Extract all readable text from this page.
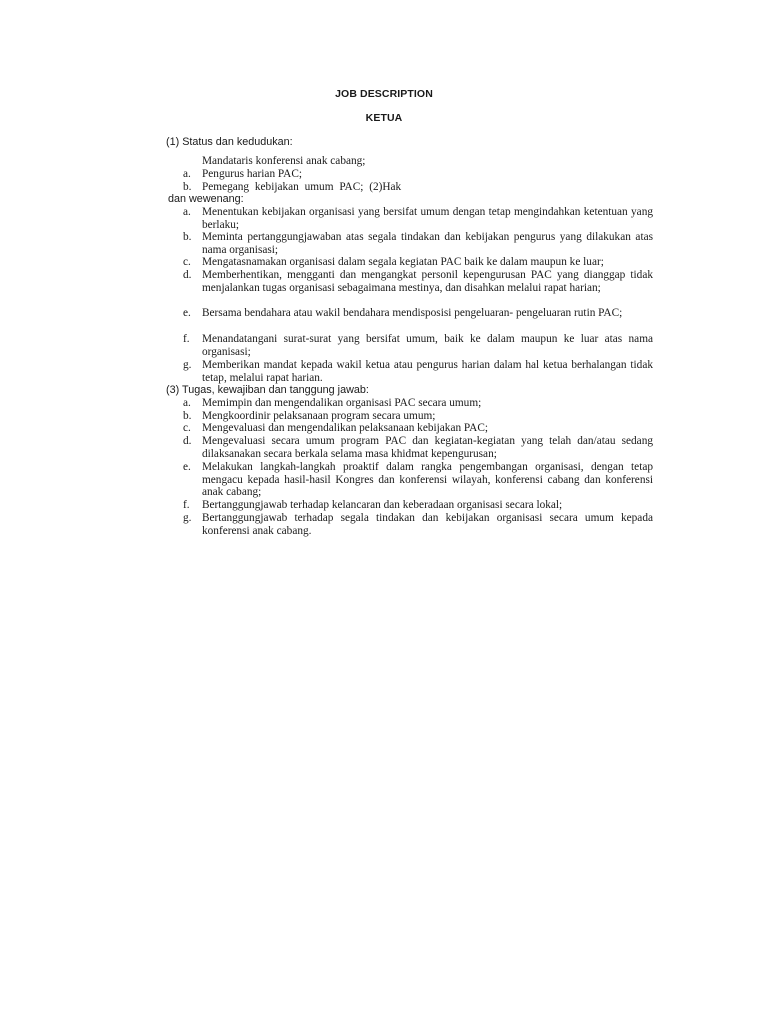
JOB DESCRIPTION
KETUA
(1) Status dan kedudukan:
Mandataris konferensi anak cabang;
a. Pengurus harian PAC;
b. Pemegang kebijakan umum PAC; (2)Hak
dan wewenang:
a. Menentukan kebijakan organisasi yang bersifat umum dengan tetap mengindahkan ketentuan yang berlaku;
b. Meminta pertanggungjawaban atas segala tindakan dan kebijakan pengurus yang dilakukan atas nama organisasi;
c. Mengatasnamakan organisasi dalam segala kegiatan PAC baik ke dalam maupun ke luar;
d. Memberhentikan, mengganti dan mengangkat personil kepengurusan PAC yang dianggap tidak menjalankan tugas organisasi sebagaimana mestinya, dan disahkan melalui rapat harian;
e. Bersama bendahara atau wakil bendahara mendisposisi pengeluaran- pengeluaran rutin PAC;
f.	Menandatangani surat-surat yang bersifat umum, baik ke dalam maupun ke luar atas nama organisasi;
g. Memberikan mandat kepada wakil ketua atau pengurus harian dalam hal ketua berhalangan tidak tetap, melalui rapat harian.
(3) Tugas, kewajiban dan tanggung jawab:
a. Memimpin dan mengendalikan organisasi PAC secara umum;
b. Mengkoordinir pelaksanaan program secara umum;
c. Mengevaluasi dan mengendalikan pelaksanaan kebijakan PAC;
d. Mengevaluasi secara umum program PAC dan kegiatan-kegiatan yang telah dan/atau sedang dilaksanakan secara berkala selama masa khidmat kepengurusan;
e. Melakukan langkah-langkah proaktif dalam rangka pengembangan organisasi, dengan tetap mengacu kepada hasil-hasil Kongres dan konferensi wilayah, konferensi cabang dan konferensi anak cabang;
f.	Bertanggungjawab terhadap kelancaran dan keberadaan organisasi secara lokal;
g. Bertanggungjawab terhadap segala tindakan dan kebijakan organisasi secara umum kepada konferensi anak cabang.
